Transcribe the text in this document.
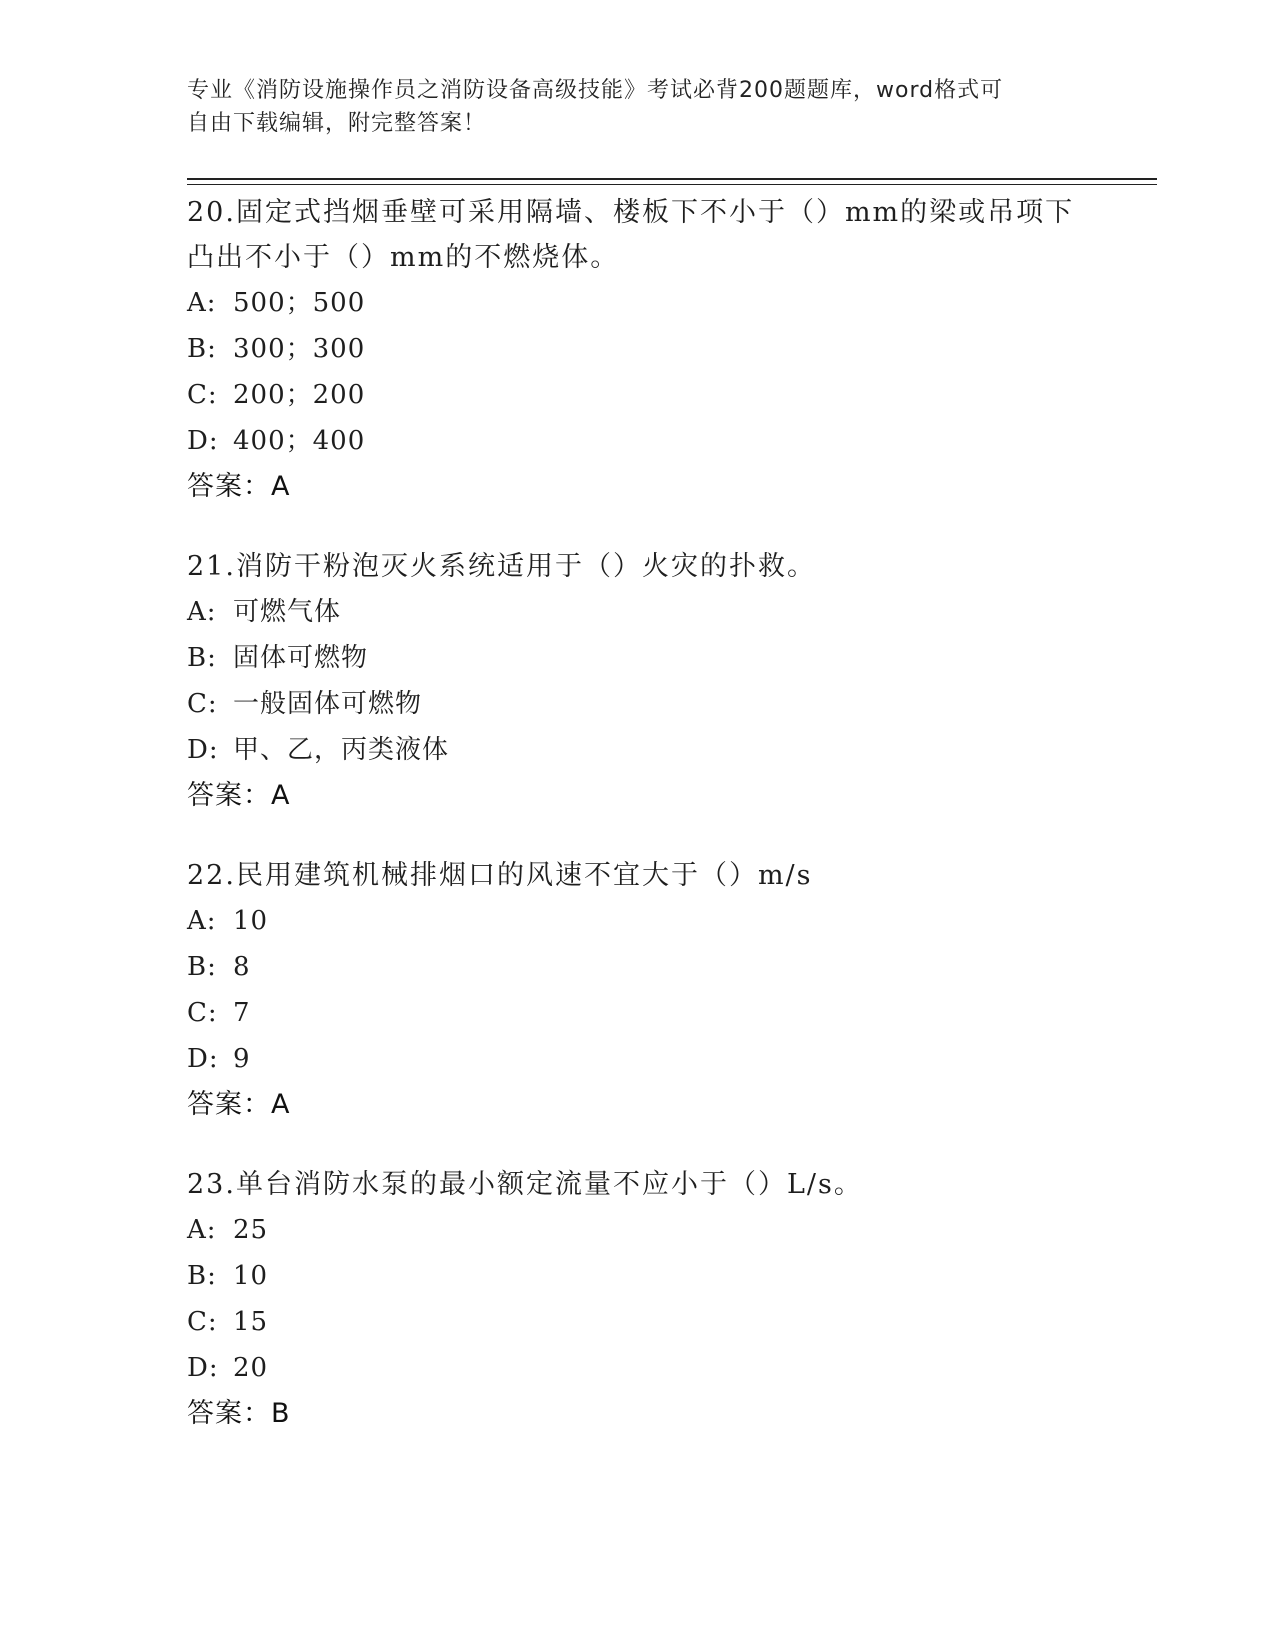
专业《消防设施操作员之消防设备高级技能》考试必背200题题库，word格式可
自由下载编辑，附完整答案！

20.固定式挡烟垂壁可采用隔墙、楼板下不小于（）mm的梁或吊项下凸出不小于（）mm的不燃烧体。

A: 500；500
B: 300；300
C: 200；200
D: 400；400
答案：A

21.消防干粉泡灭火系统适用于（）火灾的扑救。

A: 可燃气体
B: 固体可燃物
C: 一般固体可燃物
D: 甲、乙，丙类液体
答案：A

22.民用建筑机械排烟口的风速不宜大于（）m/s

A: 10
B: 8
C: 7
D: 9
答案：A

23.单台消防水泵的最小额定流量不应小于（）L/s。

A: 25
B: 10
C: 15
D: 20
答案：B
